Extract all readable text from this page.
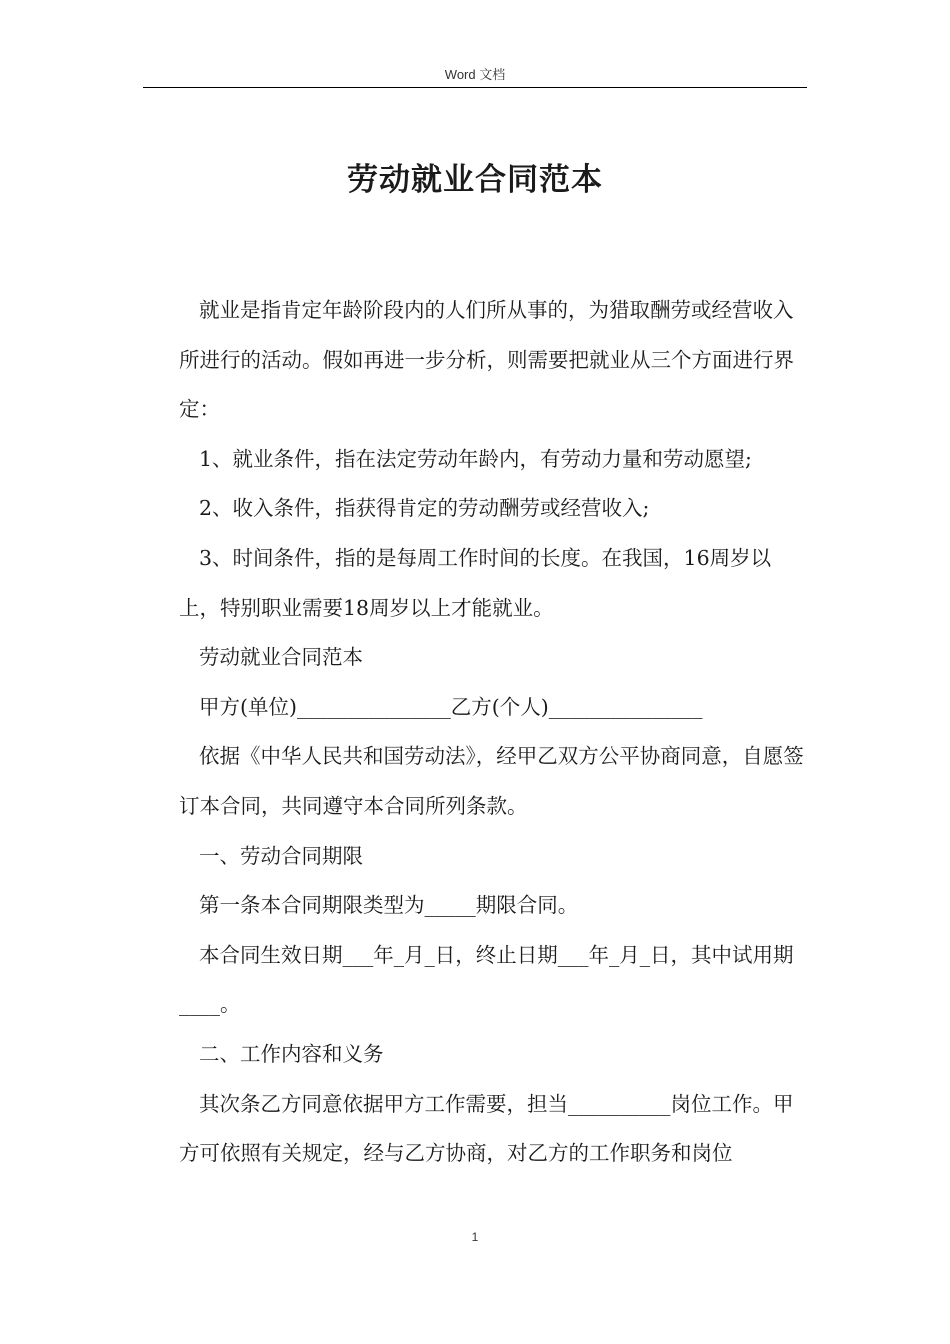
Word 文档
劳动就业合同范本

就业是指肯定年龄阶段内的人们所从事的，为猎取酬劳或经营收入所进行的活动。假如再进一步分析，则需要把就业从三个方面进行界定：

1、就业条件，指在法定劳动年龄内，有劳动力量和劳动愿望;

2、收入条件，指获得肯定的劳动酬劳或经营收入;

3、时间条件，指的是每周工作时间的长度。在我国，16周岁以上，特别职业需要18周岁以上才能就业。

劳动就业合同范本

甲方(单位)_______________乙方(个人)_______________

依据《中华人民共和国劳动法》，经甲乙双方公平协商同意，自愿签订本合同，共同遵守本合同所列条款。

一、劳动合同期限

第一条本合同期限类型为_____期限合同。

本合同生效日期___年_月_日，终止日期___年_月_日，其中试用期____。

二、工作内容和义务

其次条乙方同意依据甲方工作需要，担当__________岗位工作。甲方可依照有关规定，经与乙方协商，对乙方的工作职务和岗位

1
